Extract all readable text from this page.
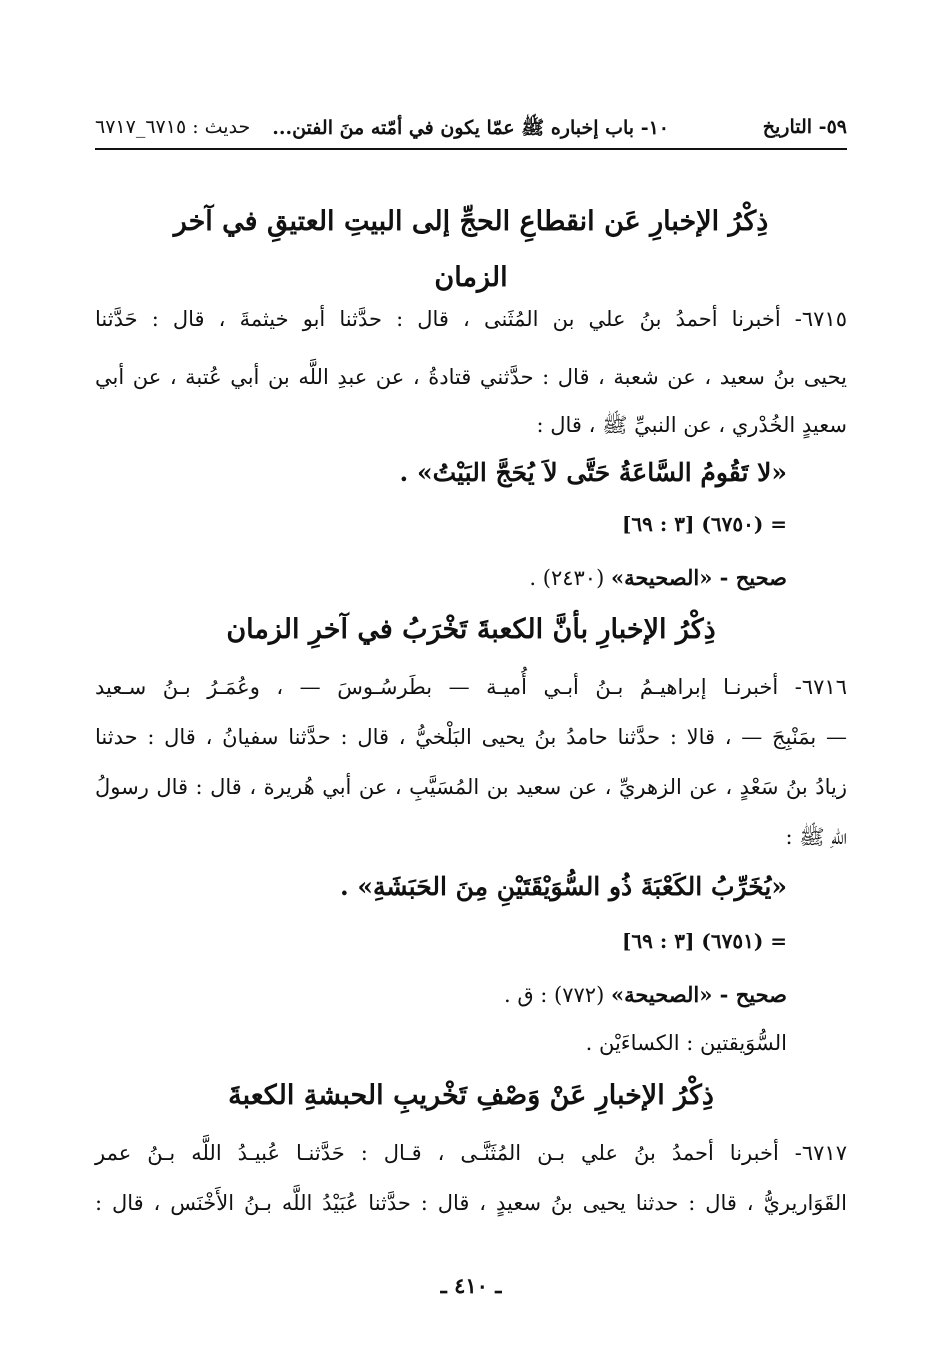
٥٩- التاريخ
١٠- باب إخباره ﷺ عمّا يكون في أمّته منَ الفتن...
حديث : ٦٧١٥_٦٧١٧
ذِكْرُ الإخبارِ عَن انقطاعِ الحجِّ إلى البيتِ العتيقِ في آخر
الزمان
٦٧١٥- أخبرنا أحمدُ بنُ علي بن المُثَنى ، قال : حدَّثنا أبو خيثمةَ ، قال : حَدَّثنا
يحيى بنُ سعيد ، عن شعبة ، قال : حدَّثني قتادةُ ، عن عبدِ اللَّه بن أبي عُتبة ، عن أبي
سعيدٍ الخُدْري ، عن النبيِّ ﷺ ، قال :
«لا تَقُومُ السَّاعَةُ حَتَّى لاَ يُحَجَّ البَيْتُ» .
= (٦٧٥٠) [٣ : ٦٩]
صحيح - «الصحيحة» (٢٤٣٠) .
ذِكْرُ الإخبارِ بأنَّ الكعبةَ تَخْرَبُ في آخرِ الزمان
٦٧١٦- أخبرنـا إبراهيـمُ بـنُ أبـي أُميـة — بطَرسُـوسَ — ، وعُمَـرُ بـنُ سـعيد
— بمَنْبِجَ — ، قالا : حدَّثنا حامدُ بنُ يحيى البَلْخيُّ ، قال : حدَّثنا سفيانُ ، قال : حدثنا
زيادُ بنُ سَعْدٍ ، عن الزهريِّ ، عن سعيد بن المُسَيَّبِ ، عن أبي هُريرة ، قال : قال رسولُ
اللهِ ﷺ :
«يُخَرِّبُ الكَعْبَةَ ذُو السُّوَيْقَتَيْنِ مِنَ الحَبَشَةِ» .
= (٦٧٥١) [٣ : ٦٩]
صحيح - «الصحيحة» (٧٧٢) : ق .
السُّوَيقتين : الكساءَيْن .
ذِكْرُ الإخبارِ عَنْ وَصْفِ تَخْريبِ الحبشةِ الكعبةَ
٦٧١٧- أخبرنا أحمدُ بنُ علي بـن المُثَنَّـى ، قـال : حَدَّثنـا عُبيـدُ اللَّه بـنُ عمر
القَوَاريريُّ ، قال : حدثنا يحيى بنُ سعيدٍ ، قال : حدَّثنا عُبَيْدُ اللَّه بـنُ الأَخْنَس ، قال :
ـ ٤١٠ ـ
